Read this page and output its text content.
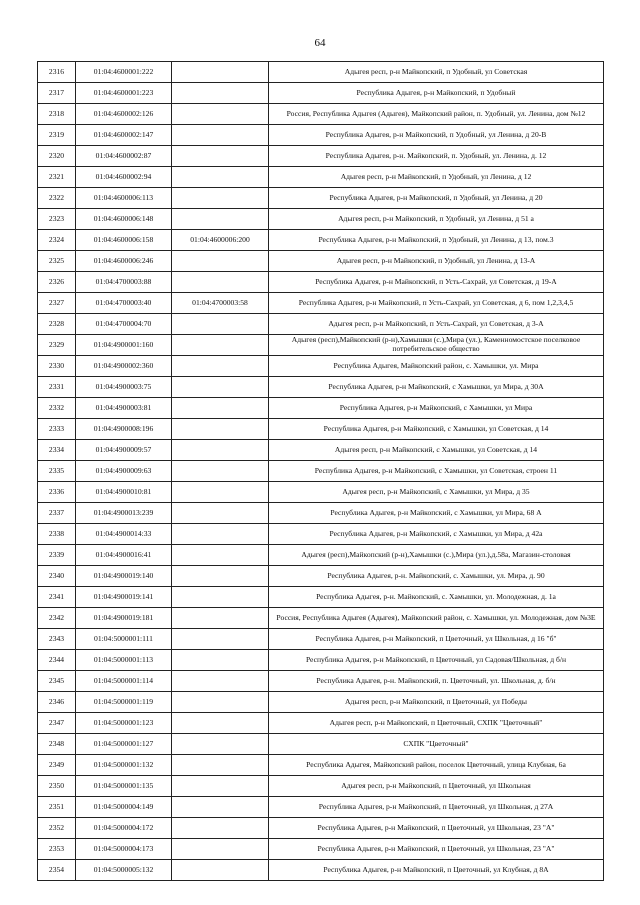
64
2316	01:04:4600001:222		Адыгея респ, р-н Майкопский, п Удобный, ул Советская
2317	01:04:4600001:223		Республика Адыгея, р-н Майкопский, п Удобный
2318	01:04:4600002:126		Россия, Республика Адыгея (Адыгея), Майкопский район, п. Удобный, ул. Ленина, дом №12
2319	01:04:4600002:147		Республика Адыгея, р-н Майкопский, п Удобный, ул Ленина, д 20-В
2320	01:04:4600002:87		Республика Адыгея, р-н. Майкопский, п. Удобный, ул. Ленина, д. 12
2321	01:04:4600002:94		Адыгея респ, р-н Майкопский, п Удобный, ул Ленина, д 12
2322	01:04:4600006:113		Республика Адыгея, р-н Майкопский, п Удобный, ул Ленина, д 20
2323	01:04:4600006:148		Адыгея респ, р-н Майкопский, п Удобный, ул Ленина, д 51 а
2324	01:04:4600006:158	01:04:4600006:200	Республика Адыгея, р-н Майкопский, п Удобный, ул Ленина, д 13, пом.3
2325	01:04:4600006:246		Адыгея респ, р-н Майкопский, п Удобный, ул Ленина, д 13-А
2326	01:04:4700003:88		Республика Адыгея, р-н Майкопский, п Усть-Сахрай, ул Советская, д 19-А
2327	01:04:4700003:40	01:04:4700003:58	Республика Адыгея, р-н Майкопский, п Усть-Сахрай, ул Советская, д 6, пом 1,2,3,4,5
2328	01:04:4700004:70		Адыгея респ, р-н Майкопский, п Усть-Сахрай, ул Советская, д 3-А
2329	01:04:4900001:160		Адыгея (респ),Майкопский (р-н),Хамышки (с.),Мира (ул.), Каменномостское поселковое потребительское общество
2330	01:04:4900002:360		Республика Адыгея, Майкопский район, с. Хамышки, ул. Мира
2331	01:04:4900003:75		Республика Адыгея, р-н Майкопский, с Хамышки, ул Мира, д 30А
2332	01:04:4900003:81		Республика Адыгея, р-н Майкопский, с Хамышки, ул Мира
2333	01:04:4900008:196		Республика Адыгея, р-н Майкопский, с Хамышки, ул Советская, д 14
2334	01:04:4900009:57		Адыгея респ, р-н Майкопский, с Хамышки, ул Советская, д 14
2335	01:04:4900009:63		Республика Адыгея, р-н Майкопский, с Хамышки, ул Советская, строен 11
2336	01:04:4900010:81		Адыгея респ, р-н Майкопский, с Хамышки, ул Мира, д 35
2337	01:04:4900013:239		Республика Адыгея, р-н Майкопский, с Хамышки, ул Мира, 68 А
2338	01:04:4900014:33		Республика Адыгея, р-н Майкопский, с Хамышки, ул Мира, д 42а
2339	01:04:4900016:41		Адыгея (респ),Майкопский (р-н),Хамышки (с.),Мира (ул.),д.58а, Магазин-столовая
2340	01:04:4900019:140		Республика Адыгея, р-н. Майкопский, с. Хамышки, ул. Мира, д. 90
2341	01:04:4900019:141		Республика Адыгея, р-н. Майкопский, с. Хамышки, ул. Молодежная, д. 1а
2342	01:04:4900019:181		Россия, Республика Адыгея (Адыгея), Майкопский район, с. Хамышки, ул. Молодежная, дом №3Е
2343	01:04:5000001:111		Республика Адыгея, р-н Майкопский, п Цветочный, ул Школьная, д 16 "б"
2344	01:04:5000001:113		Республика Адыгея, р-н Майкопский, п Цветочный, ул Садовая/Школьная, д б/н
2345	01:04:5000001:114		Республика Адыгея, р-н. Майкопский, п. Цветочный, ул. Школьная, д. б/н
2346	01:04:5000001:119		Адыгея респ, р-н Майкопский, п Цветочный, ул Победы
2347	01:04:5000001:123		Адыгея респ, р-н Майкопский, п Цветочный, СХПК "Цветочный"
2348	01:04:5000001:127		СХПК "Цветочный"
2349	01:04:5000001:132		Республика Адыгея, Майкопский район, поселок Цветочный, улица Клубная, 6а
2350	01:04:5000001:135		Адыгея респ, р-н Майкопский, п Цветочный, ул Школьная
2351	01:04:5000004:149		Республика Адыгея, р-н Майкопский, п Цветочный, ул Школьная, д 27А
2352	01:04:5000004:172		Республика Адыгея, р-н Майкопский, п Цветочный, ул Школьная, 23 "А"
2353	01:04:5000004:173		Республика Адыгея, р-н Майкопский, п Цветочный, ул Школьная, 23 "А"
2354	01:04:5000005:132		Республика Адыгея, р-н Майкопский, п Цветочный, ул Клубная, д 8А
